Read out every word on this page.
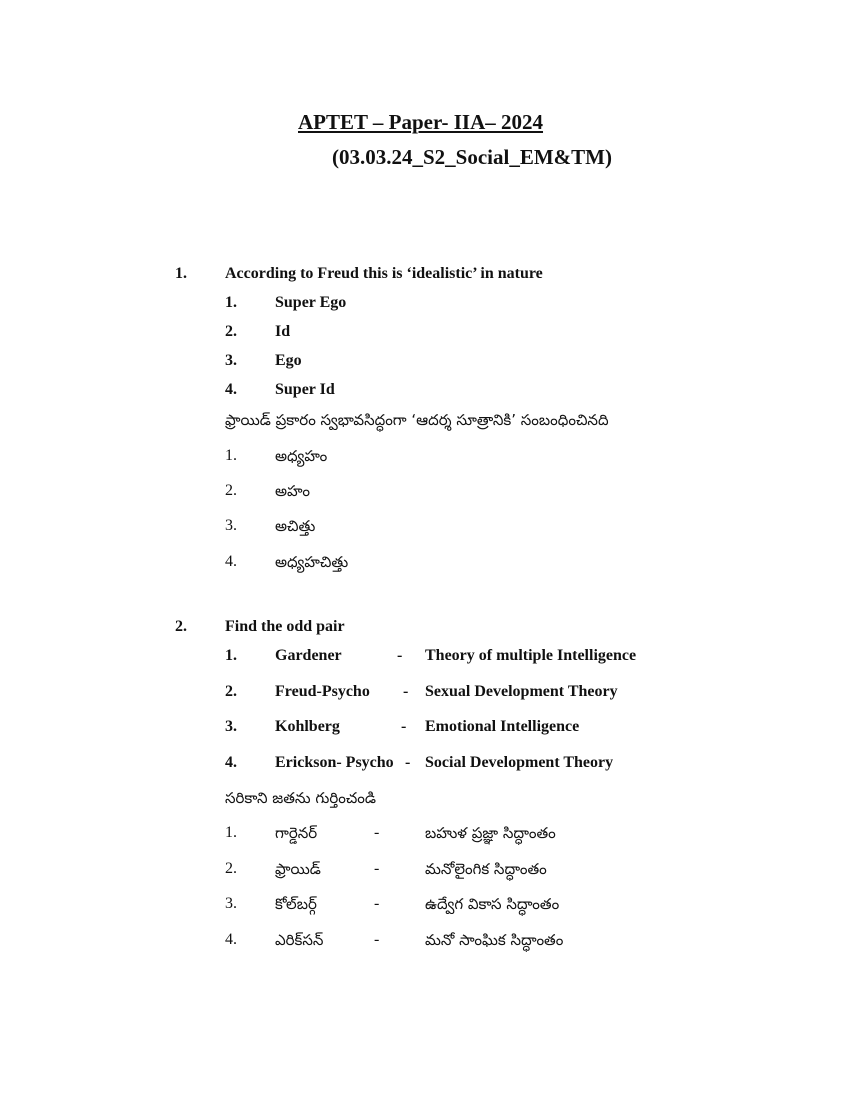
APTET – Paper- IIA– 2024
(03.03.24_S2_Social_EM&TM)
1. According to Freud this is ‘idealistic’ in nature
1. Super Ego
2. Id
3. Ego
4. Super Id
ఫ్రాయిడ్ ప్రకారం స్వభావసిద్ధంగా ‘ఆదర్శ సూత్రానికి’ సంబంధించినది
1.	అధ్యహం
2.	అహం
3.	అచిత్తు
4.	అధ్యహచిత్తు
2. Find the odd pair
1. Gardener	- Theory of multiple Intelligence
2. Freud-Psycho - Sexual Development Theory
3. Kohlberg	- Emotional Intelligence
4. Erickson- Psycho - Social Development Theory
సరికాని జతను గుర్తించండి
1.	గార్డెనర్	-	బహుళ ప్రజ్ఞా సిద్ధాంతం
2.	ఫ్రాయిడ్	-	మనోలైంగిక సిద్ధాంతం
3.	కోల్‌బర్గ్	-	ఉద్వేగ వికాస సిద్ధాంతం
4.	ఎరిక్‌సన్	-	మనో సాంఘిక సిద్ధాంతం
